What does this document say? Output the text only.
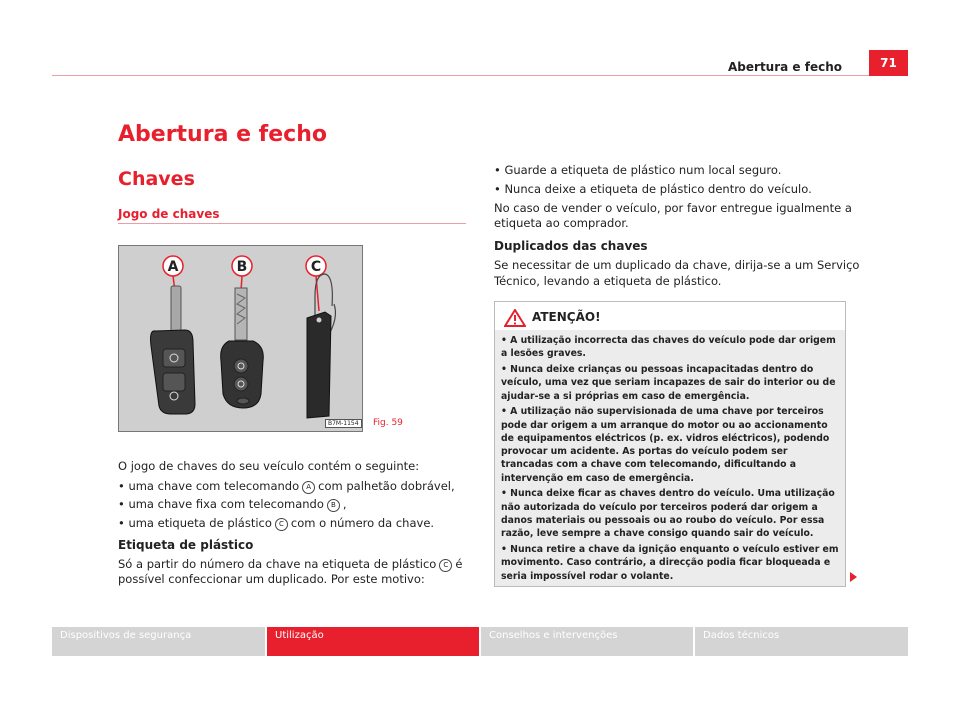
Abertura e fecho	71
Abertura e fecho
Chaves
Jogo de chaves
A	B	C
B7M-1154	Fig. 59
O jogo de chaves do seu veículo contém o seguinte:
• uma chave com telecomando A com palhetão dobrável,
• uma chave fixa com telecomando B ,
• uma etiqueta de plástico C com o número da chave.
Etiqueta de plástico
Só a partir do número da chave na etiqueta de plástico C é
possível confeccionar um duplicado. Por este motivo:
• Guarde a etiqueta de plástico num local seguro.
• Nunca deixe a etiqueta de plástico dentro do veículo.
No caso de vender o veículo, por favor entregue igualmente a
etiqueta ao comprador.
Duplicados das chaves
Se necessitar de um duplicado da chave, dirija-se a um Serviço
Técnico, levando a etiqueta de plástico.
ATENÇÃO!

• A utilização incorrecta das chaves do veículo pode dar origem a lesões graves.

• Nunca deixe crianças ou pessoas incapacitadas dentro do veículo, uma vez que seriam incapazes de sair do interior ou de ajudar-se a si próprias em caso de emergência.

• A utilização não supervisionada de uma chave por terceiros pode dar origem a um arranque do motor ou ao accionamento de equipamentos eléctricos (p. ex. vidros eléctricos), podendo provocar um acidente. As portas do veículo podem ser trancadas com a chave com telecomando, dificultando a intervenção em caso de emergência.

• Nunca deixe ficar as chaves dentro do veículo. Uma utilização não autorizada do veículo por terceiros poderá dar origem a danos materiais ou pessoais ou ao roubo do veículo. Por essa razão, leve sempre a chave consigo quando sair do veículo.

• Nunca retire a chave da ignição enquanto o veículo estiver em movimento. Caso contrário, a direcção podia ficar bloqueada e seria impossível rodar o volante.

Dispositivos de segurança	Utilização	Conselhos e intervenções	Dados técnicos
